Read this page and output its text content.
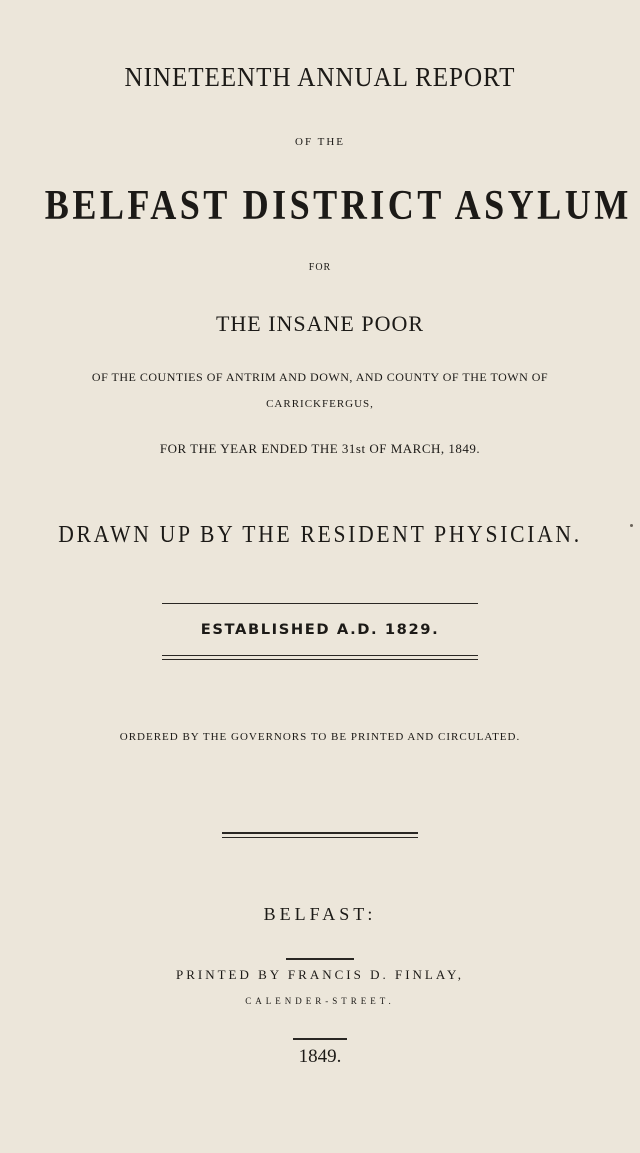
NINETEENTH ANNUAL REPORT
OF THE
BELFAST DISTRICT ASYLUM
FOR
THE INSANE POOR
OF THE COUNTIES OF ANTRIM AND DOWN, AND COUNTY OF THE TOWN OF
CARRICKFERGUS,
FOR THE YEAR ENDED THE 31st OF MARCH, 1849.
DRAWN UP BY THE RESIDENT PHYSICIAN.
ESTABLISHED A.D. 1829.
ORDERED BY THE GOVERNORS TO BE PRINTED AND CIRCULATED.
BELFAST:
PRINTED BY FRANCIS D. FINLAY,
CALENDER-STREET.
1849.
